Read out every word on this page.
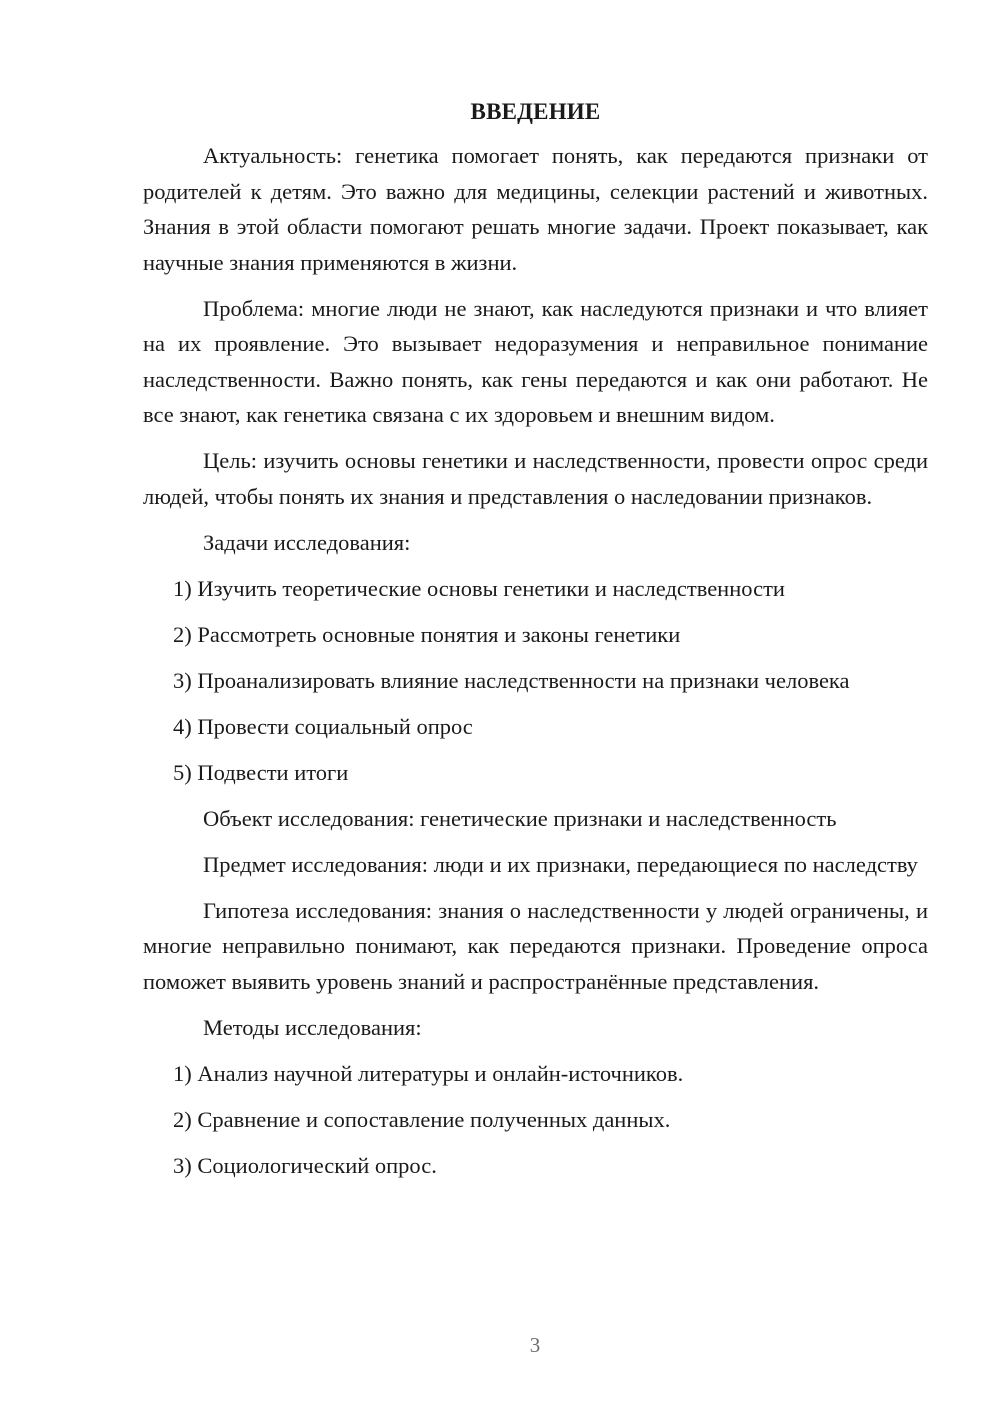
ВВЕДЕНИЕ

Актуальность: генетика помогает понять, как передаются признаки от родителей к детям. Это важно для медицины, селекции растений и животных. Знания в этой области помогают решать многие задачи. Проект показывает, как научные знания применяются в жизни.

Проблема: многие люди не знают, как наследуются признаки и что влияет на их проявление. Это вызывает недоразумения и неправильное понимание наследственности. Важно понять, как гены передаются и как они работают. Не все знают, как генетика связана с их здоровьем и внешним видом.

Цель: изучить основы генетики и наследственности, провести опрос среди людей, чтобы понять их знания и представления о наследовании признаков.

Задачи исследования:

1) Изучить теоретические основы генетики и наследственности

2) Рассмотреть основные понятия и законы генетики

3) Проанализировать влияние наследственности на признаки человека

4) Провести социальный опрос

5) Подвести итоги

Объект исследования: генетические признаки и наследственность

Предмет исследования: люди и их признаки, передающиеся по наследству

Гипотеза исследования: знания о наследственности у людей ограничены, и многие неправильно понимают, как передаются признаки. Проведение опроса поможет выявить уровень знаний и распространённые представления.

Методы исследования:

1) Анализ научной литературы и онлайн-источников.

2) Сравнение и сопоставление полученных данных.

3) Социологический опрос.

3
